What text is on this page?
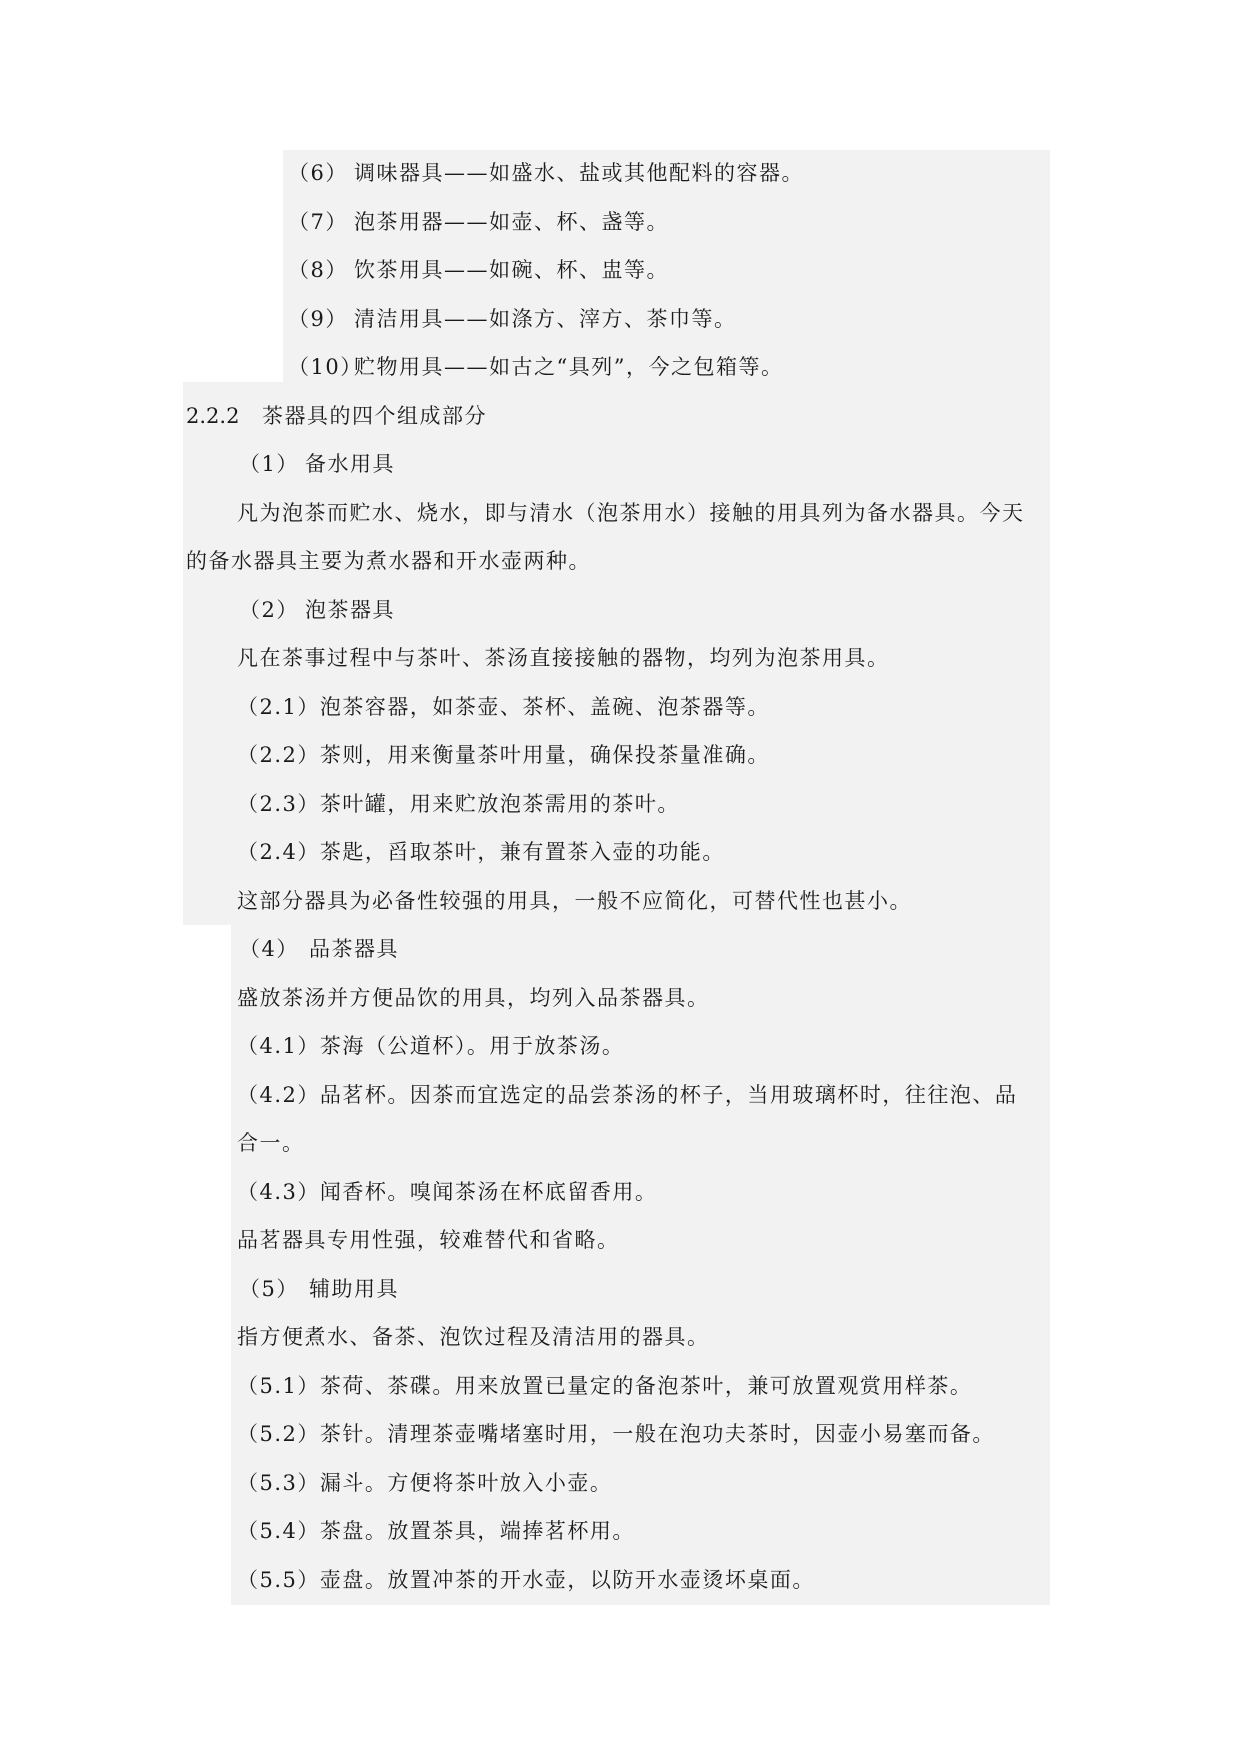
（6） 调味器具——如盛水、盐或其他配料的容器。
（7） 泡茶用器——如壶、杯、盏等。
（8） 饮茶用具——如碗、杯、盅等。
（9） 清洁用具——如涤方、滓方、茶巾等。
（10）贮物用具——如古之“具列”，今之包箱等。
2.2.2 茶器具的四个组成部分
（1） 备水用具
凡为泡茶而贮水、烧水，即与清水（泡茶用水）接触的用具列为备水器具。今天
的备水器具主要为煮水器和开水壶两种。
（2） 泡茶器具
凡在茶事过程中与茶叶、茶汤直接接触的器物，均列为泡茶用具。
（2.1）泡茶容器，如茶壶、茶杯、盖碗、泡茶器等。
（2.2）茶则，用来衡量茶叶用量，确保投茶量准确。
（2.3）茶叶罐，用来贮放泡茶需用的茶叶。
（2.4）茶匙，舀取茶叶，兼有置茶入壶的功能。
这部分器具为必备性较强的用具，一般不应简化，可替代性也甚小。
（4） 品茶器具
盛放茶汤并方便品饮的用具，均列入品茶器具。
（4.1）茶海（公道杯）。用于放茶汤。
（4.2）品茗杯。因茶而宜选定的品尝茶汤的杯子，当用玻璃杯时，往往泡、品
合一。
（4.3）闻香杯。嗅闻茶汤在杯底留香用。
品茗器具专用性强，较难替代和省略。
（5） 辅助用具
指方便煮水、备茶、泡饮过程及清洁用的器具。
（5.1）茶荷、茶碟。用来放置已量定的备泡茶叶，兼可放置观赏用样茶。
（5.2）茶针。清理茶壶嘴堵塞时用，一般在泡功夫茶时，因壶小易塞而备。
（5.3）漏斗。方便将茶叶放入小壶。
（5.4）茶盘。放置茶具，端捧茗杯用。
（5.5）壶盘。放置冲茶的开水壶，以防开水壶烫坏桌面。
